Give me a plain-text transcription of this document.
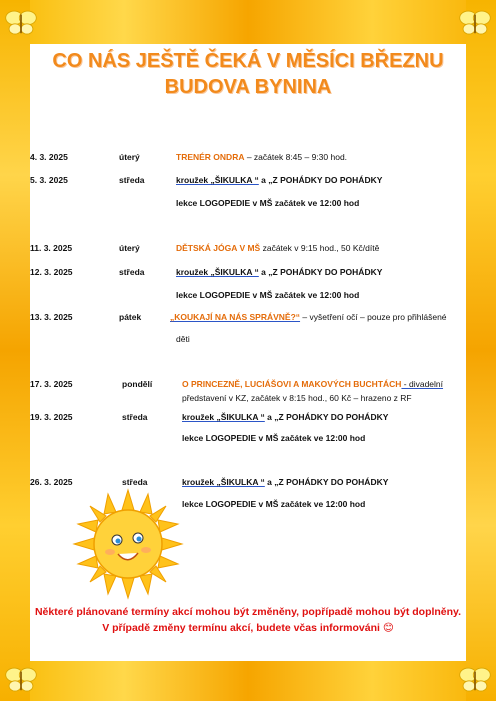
CO NÁS JEŠTĚ ČEKÁ V MĚSÍCI BŘEZNU
BUDOVA BYNINA
4. 3. 2025	úterý	TRENÉR ONDRA – začátek 8:45 – 9:30 hod.
5. 3. 2025	středa	kroužek „ŠIKULKA “ a „Z POHÁDKY DO POHÁDKY
lekce LOGOPEDIE v MŠ začátek ve 12:00 hod
11. 3. 2025	úterý	DĚTSKÁ JÓGA V MŠ začátek v 9:15 hod., 50 Kč/dítě
12. 3. 2025	středa	kroužek „ŠIKULKA “ a „Z POHÁDKY DO POHÁDKY
lekce LOGOPEDIE v MŠ začátek ve 12:00 hod
13. 3. 2025	pátek	„KOUKAJÍ NA NÁS SPRÁVNĚ?“ – vyšetření očí – pouze pro přihlášené
děti
17. 3. 2025	pondělí	O PRINCEZNĚ, LUCIÁŠOVI A MAKOVÝCH BUCHTÁCH - divadelní
představení v KZ, začátek v 8:15 hod., 60 Kč – hrazeno z RF
19. 3. 2025	středa	kroužek „ŠIKULKA “ a „Z POHÁDKY DO POHÁDKY
lekce LOGOPEDIE v MŠ začátek ve 12:00 hod
26. 3. 2025	středa	kroužek „ŠIKULKA “ a „Z POHÁDKY DO POHÁDKY
lekce LOGOPEDIE v MŠ začátek ve 12:00 hod
Některé plánované termíny akcí mohou být změněny, popřípadě mohou být doplněny.
V případě změny termínu akcí, budete včas informováni 😊
